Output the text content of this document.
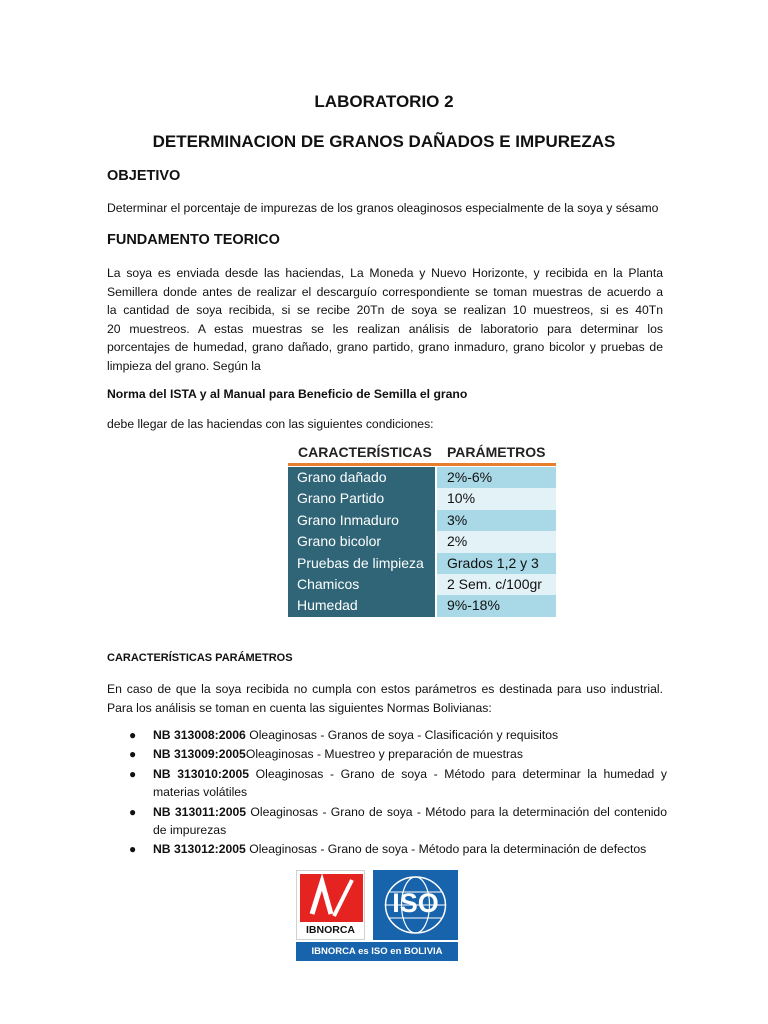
LABORATORIO 2
DETERMINACION DE GRANOS DAÑADOS E IMPUREZAS
OBJETIVO
Determinar el porcentaje de impurezas de los granos oleaginosos especialmente de la soya y sésamo
FUNDAMENTO TEORICO
La soya es enviada desde las haciendas, La Moneda y Nuevo Horizonte, y recibida en la Planta
Semillera donde antes de realizar el descarguío correspondiente se toman muestras de acuerdo a
la cantidad de soya recibida, si se recibe 20Tn de soya se realizan 10 muestreos, si es 40Tn
20 muestreos. A estas muestras se les realizan análisis de laboratorio para determinar los
porcentajes de humedad, grano dañado, grano partido, grano inmaduro, grano bicolor y pruebas de
limpieza del grano. Según la
Norma del ISTA y al Manual para Beneficio de Semilla el grano
debe llegar de las haciendas con las siguientes condiciones:
CARACTERÍSTICAS PARÁMETROS
Grano dañado	2%-6%
Grano Partido	10%
Grano Inmaduro	3%
Grano bicolor	2%
Pruebas de limpieza	Grados 1,2 y 3
Chamicos	2 Sem. c/100gr
Humedad	9%-18%
CARACTERÍSTICAS PARÁMETROS
En caso de que la soya recibida no cumpla con estos parámetros es destinada para uso industrial.
Para los análisis se toman en cuenta las siguientes Normas Bolivianas:
● NB 313008:2006 Oleaginosas - Granos de soya - Clasificación y requisitos
● NB 313009:2005Oleaginosas - Muestreo y preparación de muestras
● NB 313010:2005 Oleaginosas - Grano de soya - Método para determinar la humedad y
materias volátiles
● NB 313011:2005 Oleaginosas - Grano de soya - Método para la determinación del contenido
de impurezas
● NB 313012:2005 Oleaginosas - Grano de soya - Método para la determinación de defectos
IBNORCA
ISO
IBNORCA es ISO en BOLIVIA
